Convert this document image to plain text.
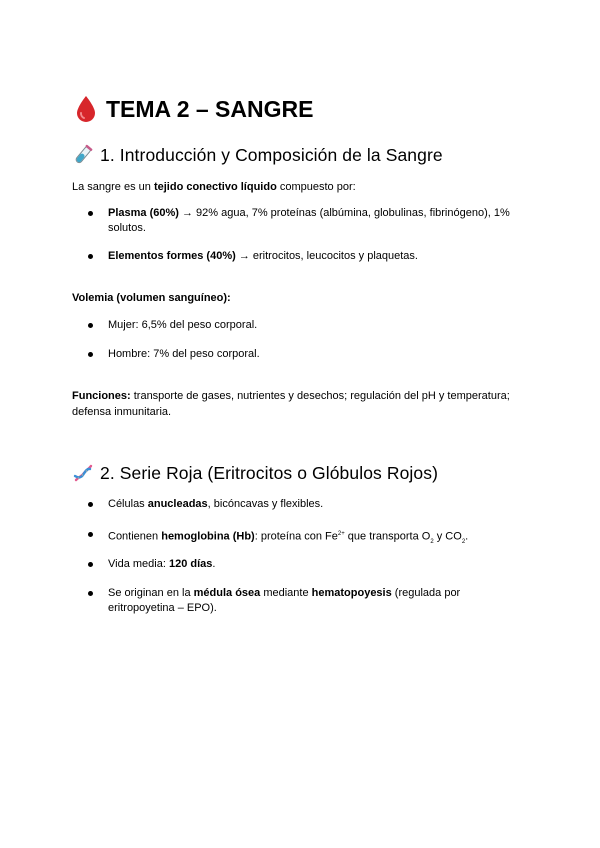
TEMA 2 – SANGRE
1. Introducción y Composición de la Sangre
La sangre es un tejido conectivo líquido compuesto por:
Plasma (60%) → 92% agua, 7% proteínas (albúmina, globulinas, fibrinógeno), 1% solutos.
Elementos formes (40%) → eritrocitos, leucocitos y plaquetas.
Volemia (volumen sanguíneo):
Mujer: 6,5% del peso corporal.
Hombre: 7% del peso corporal.
Funciones: transporte de gases, nutrientes y desechos; regulación del pH y temperatura; defensa inmunitaria.
2. Serie Roja (Eritrocitos o Glóbulos Rojos)
Células anucleadas, bicóncavas y flexibles.
Contienen hemoglobina (Hb): proteína con $Fe^{2+}$ que transporta $O_2$ y $CO_2$.
Vida media: 120 días.
Se originan en la médula ósea mediante hematopoyesis (regulada por eritropoyetina – EPO).
